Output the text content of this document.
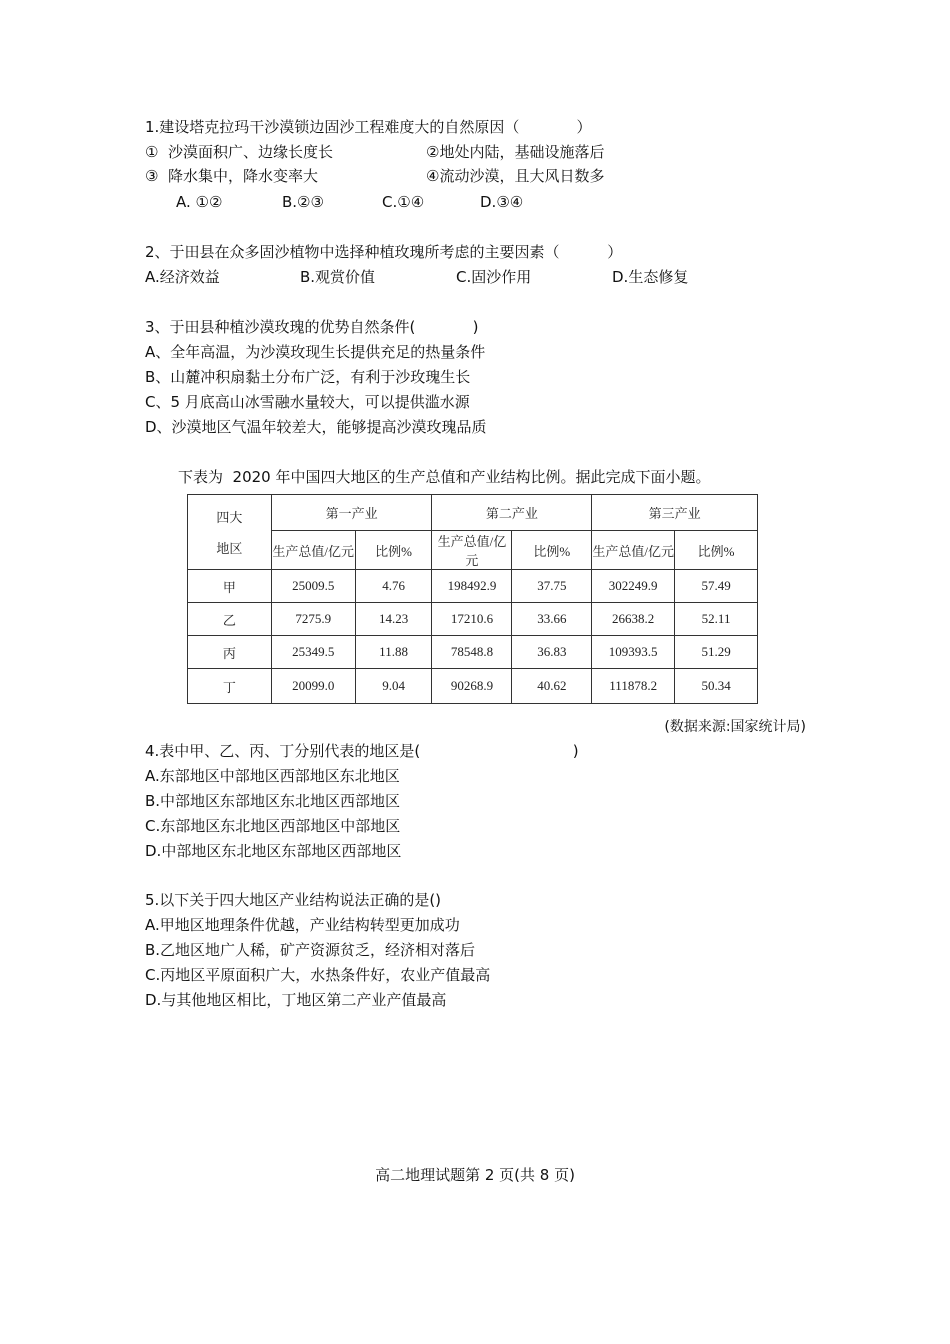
1.建设塔克拉玛干沙漠锁边固沙工程难度大的自然原因（            ）
①  沙漠面积广、边缘长度长	②地处内陆，基础设施落后
③  降水集中，降水变率大	④流动沙漠，且大风日数多
A. ①②	B.②③	C.①④	D.③④
2、于田县在众多固沙植物中选择种植玫瑰所考虑的主要因素（          ）
A.经济效益	B.观赏价值	C.固沙作用	D.生态修复
3、于田县种植沙漠玫瑰的优势自然条件(            )
A、全年高温，为沙漠玫现生长提供充足的热量条件
B、山麓冲积扇黏土分布广泛，有利于沙玫瑰生长
C、5 月底高山冰雪融水量较大，可以提供滥水源
D、沙漠地区气温年较差大，能够提高沙漠玫瑰品质
下表为  2020 年中国四大地区的生产总值和产业结构比例。据此完成下面小题。
四大
地区	第一产业		第二产业		第三产业	
	生产总值/亿元	比例%	生产总值/亿元	比例%	生产总值/亿元	比例%
甲	25009.5	4.76	198492.9	37.75	302249.9	57.49
乙	7275.9	14.23	17210.6	33.66	26638.2	52.11
丙	25349.5	11.88	78548.8	36.83	109393.5	51.29
丁	20099.0	9.04	90268.9	40.62	111878.2	50.34
(数据来源:国家统计局)
4.表中甲、乙、丙、丁分别代表的地区是(                                )
A.东部地区中部地区西部地区东北地区
B.中部地区东部地区东北地区西部地区
C.东部地区东北地区西部地区中部地区
D.中部地区东北地区东部地区西部地区
5.以下关于四大地区产业结构说法正确的是()
A.甲地区地理条件优越，产业结构转型更加成功
B.乙地区地广人稀，矿产资源贫乏，经济相对落后
C.丙地区平原面积广大，水热条件好，农业产值最高
D.与其他地区相比，丁地区第二产业产值最高
高二地理试题第 2 页(共 8 页)
